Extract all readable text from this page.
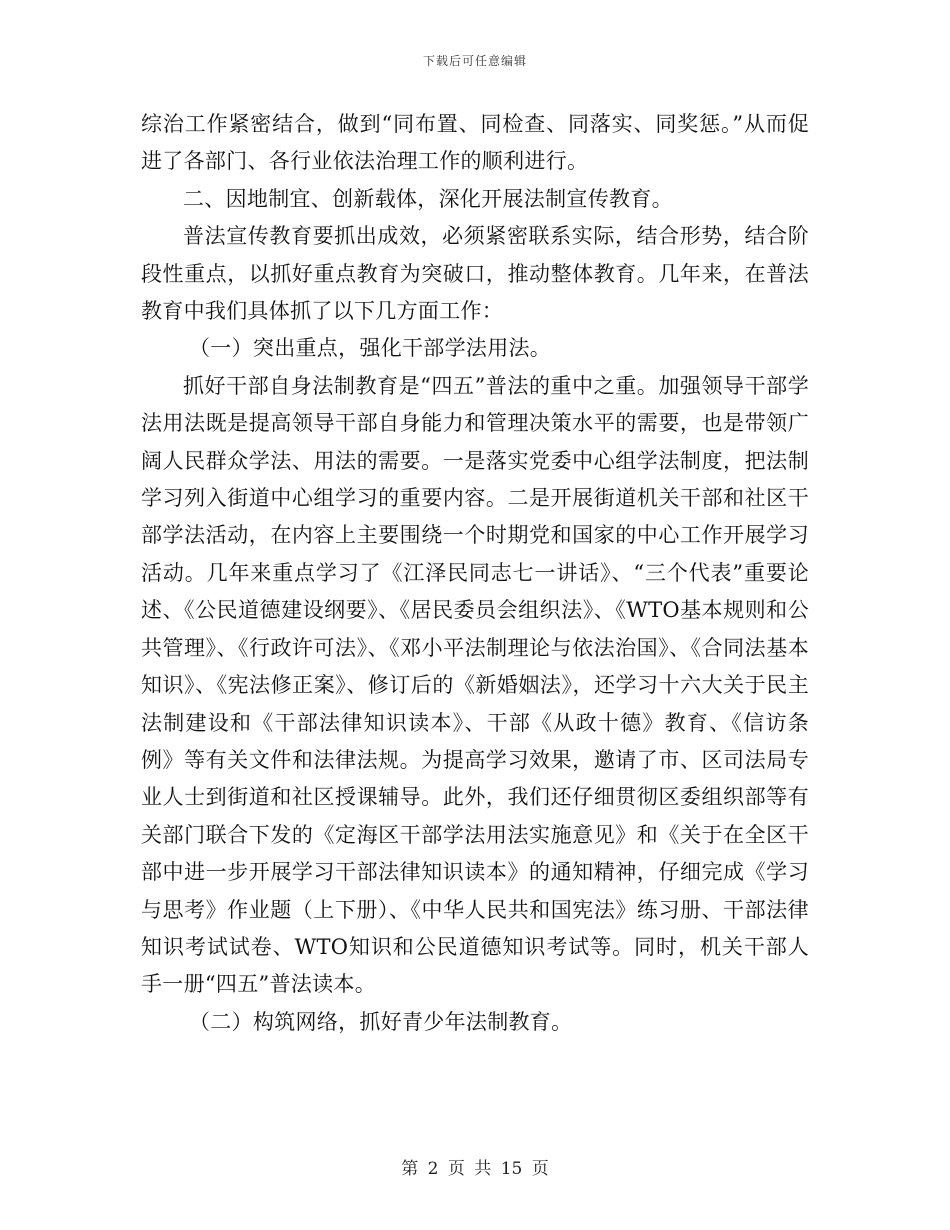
下载后可任意编辑

综治工作紧密结合，做到“同布置、同检查、同落实、同奖惩。”从而促进了各部门、各行业依法治理工作的顺利进行。

二、因地制宜、创新载体，深化开展法制宣传教育。

普法宣传教育要抓出成效，必须紧密联系实际，结合形势，结合阶段性重点，以抓好重点教育为突破口，推动整体教育。几年来，在普法教育中我们具体抓了以下几方面工作：

（一）突出重点，强化干部学法用法。

抓好干部自身法制教育是“四五”普法的重中之重。加强领导干部学法用法既是提高领导干部自身能力和管理决策水平的需要，也是带领广阔人民群众学法、用法的需要。一是落实党委中心组学法制度，把法制学习列入街道中心组学习的重要内容。二是开展街道机关干部和社区干部学法活动，在内容上主要围绕一个时期党和国家的中心工作开展学习活动。几年来重点学习了《江泽民同志七一讲话》、“三个代表”重要论述、《公民道德建设纲要》、《居民委员会组织法》、《WTO基本规则和公共管理》、《行政许可法》、《邓小平法制理论与依法治国》、《合同法基本知识》、《宪法修正案》、修订后的《新婚姻法》，还学习十六大关于民主法制建设和《干部法律知识读本》、干部《从政十德》教育、《信访条例》等有关文件和法律法规。为提高学习效果，邀请了市、区司法局专业人士到街道和社区授课辅导。此外，我们还仔细贯彻区委组织部等有关部门联合下发的《定海区干部学法用法实施意见》和《关于在全区干部中进一步开展学习干部法律知识读本》的通知精神，仔细完成《学习与思考》作业题（上下册）、《中华人民共和国宪法》练习册、干部法律知识考试试卷、WTO知识和公民道德知识考试等。同时，机关干部人手一册“四五”普法读本。

（二）构筑网络，抓好青少年法制教育。

第 2 页 共 15 页
